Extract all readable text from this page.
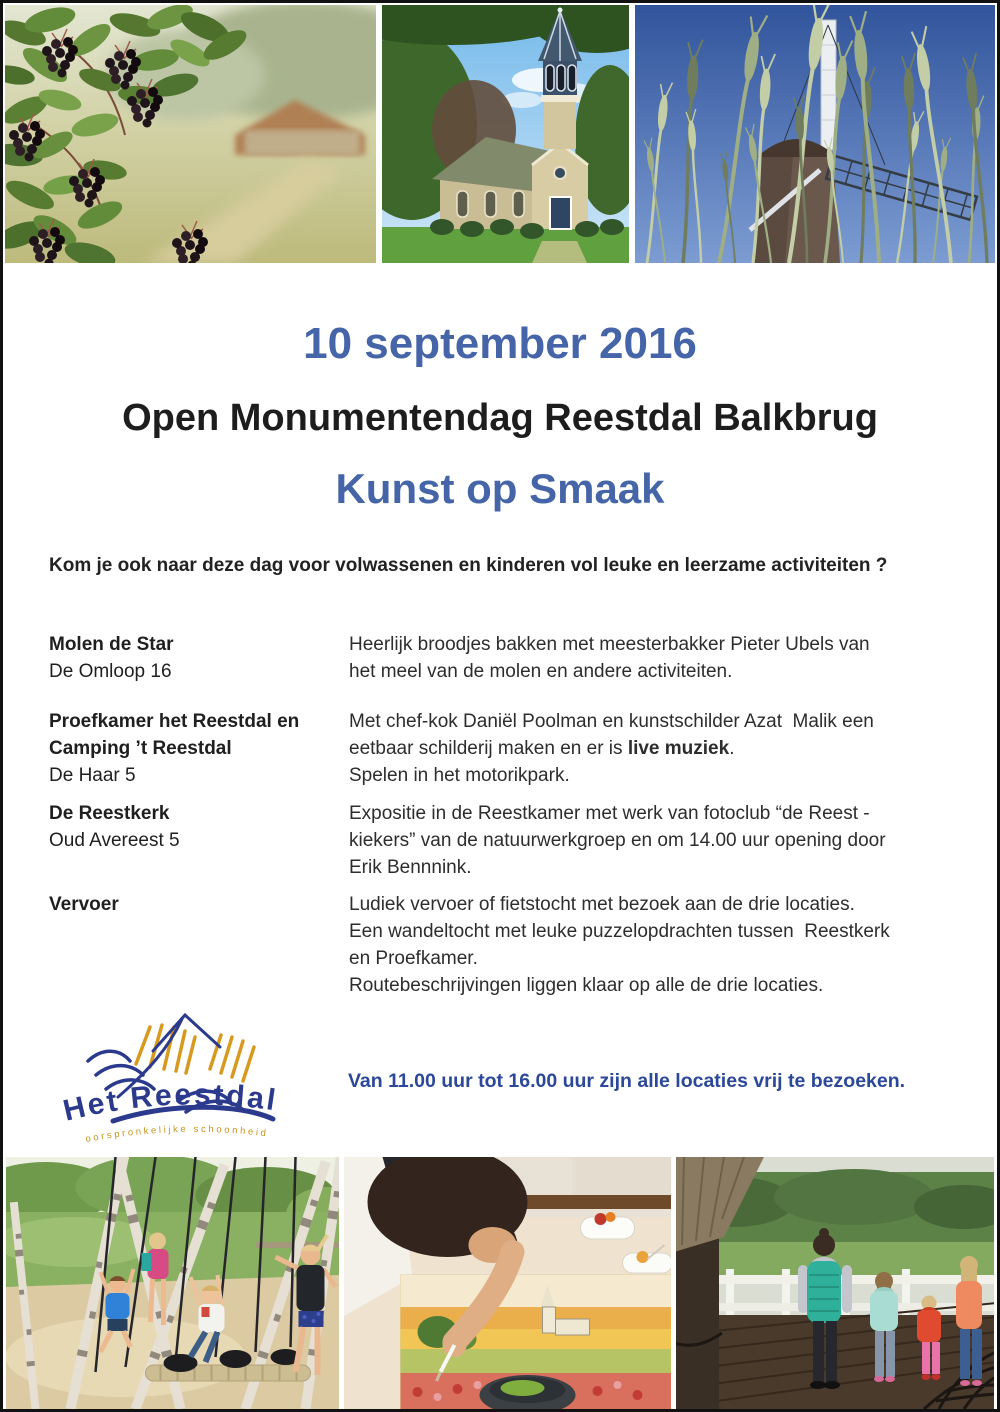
10 september 2016
Open Monumentendag Reestdal Balkbrug
Kunst op Smaak

Kom je ook naar deze dag voor volwassenen en kinderen vol leuke en leerzame activiteiten ?

Molen de Star
De Omloop 16
Heerlijk broodjes bakken met meesterbakker Pieter Ubels van
het meel van de molen en andere activiteiten.
Proefkamer het Reestdal en
Camping ’t Reestdal
De Haar 5
Met chef-kok Daniël Poolman en kunstschilder Azat  Malik een
eetbaar schilderij maken en er is live muziek.
Spelen in het motorikpark.
De Reestkerk
Oud Avereest 5
Expositie in de Reestkamer met werk van fotoclub “de Reest -
kiekers” van de natuurwerkgroep en om 14.00 uur opening door
Erik Bennnink.
Vervoer	Ludiek vervoer of fietstocht met bezoek aan de drie locaties.
Een wandeltocht met leuke puzzelopdrachten tussen  Reestkerk
en Proefkamer.
Routebeschrijvingen liggen klaar op alle de drie locaties.
Het Reestdal
oorspronkelijke schoonheid

Van 11.00 uur tot 16.00 uur zijn alle locaties vrij te bezoeken.
